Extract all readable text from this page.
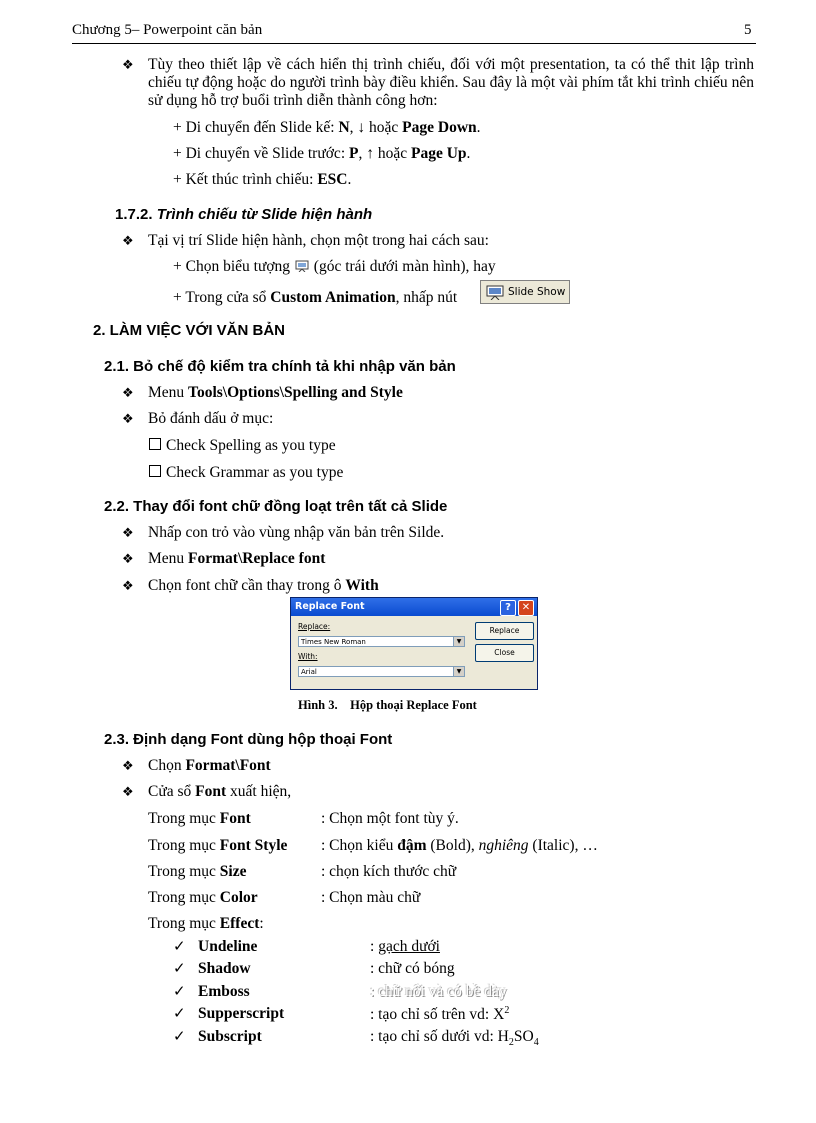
Chương 5– Powerpoint căn bản	5
❖ Tùy theo thiết lập về cách hiển thị trình chiếu, đối với một presentation, ta có thể thit lập trình chiếu tự động hoặc do người trình bày điều khiển. Sau đây là một vài phím tắt khi trình chiếu nên sử dụng hỗ trợ buổi trình diễn thành công hơn:
+ Di chuyển đến Slide kế: N, ↓ hoặc Page Down.
+ Di chuyển về Slide trước: P, ↑ hoặc Page Up.
+ Kết thúc trình chiếu: ESC.
1.7.2. Trình chiếu từ Slide hiện hành
❖ Tại vị trí Slide hiện hành, chọn một trong hai cách sau:
+ Chọn biểu tượng (góc trái dưới màn hình), hay
+ Trong cửa sổ Custom Animation, nhấp nút	Slide Show
2. LÀM VIỆC VỚI VĂN BẢN
2.1. Bỏ chế độ kiểm tra chính tả khi nhập văn bản
❖ Menu Tools\Options\Spelling and Style
❖ Bỏ đánh dấu ở mục:
Check Spelling as you type
Check Grammar as you type
2.2. Thay đổi font chữ đồng loạt trên tất cả Slide
❖ Nhấp con trỏ vào vùng nhập văn bản trên Silde.
❖ Menu Format\Replace font
❖ Chọn font chữ cần thay trong ô With
Replace Font	?	✕
Replace:
Times New Roman	▼
With:
Arial	▼
Replace
Close
Hình 3. Hộp thoại Replace Font
2.3. Định dạng Font dùng hộp thoại Font
❖ Chọn Format\Font
❖ Cửa sổ Font xuất hiện,
Trong mục Font	: Chọn một font tùy ý.
Trong mục Font Style : Chọn kiểu đậm (Bold), nghiêng (Italic), …
Trong mục Size	: chọn kích thước chữ
Trong mục Color	: Chọn màu chữ
Trong mục Effect:
✓ Undeline	: gạch dưới
✓ Shadow	: chữ có bóng
✓ Emboss	: chữ nổi và có bề dày
✓ Supperscript	: tạo chỉ số trên vd: $X^2$
✓ Subscript	: tạo chỉ số dưới vd: $H_2SO_4$
